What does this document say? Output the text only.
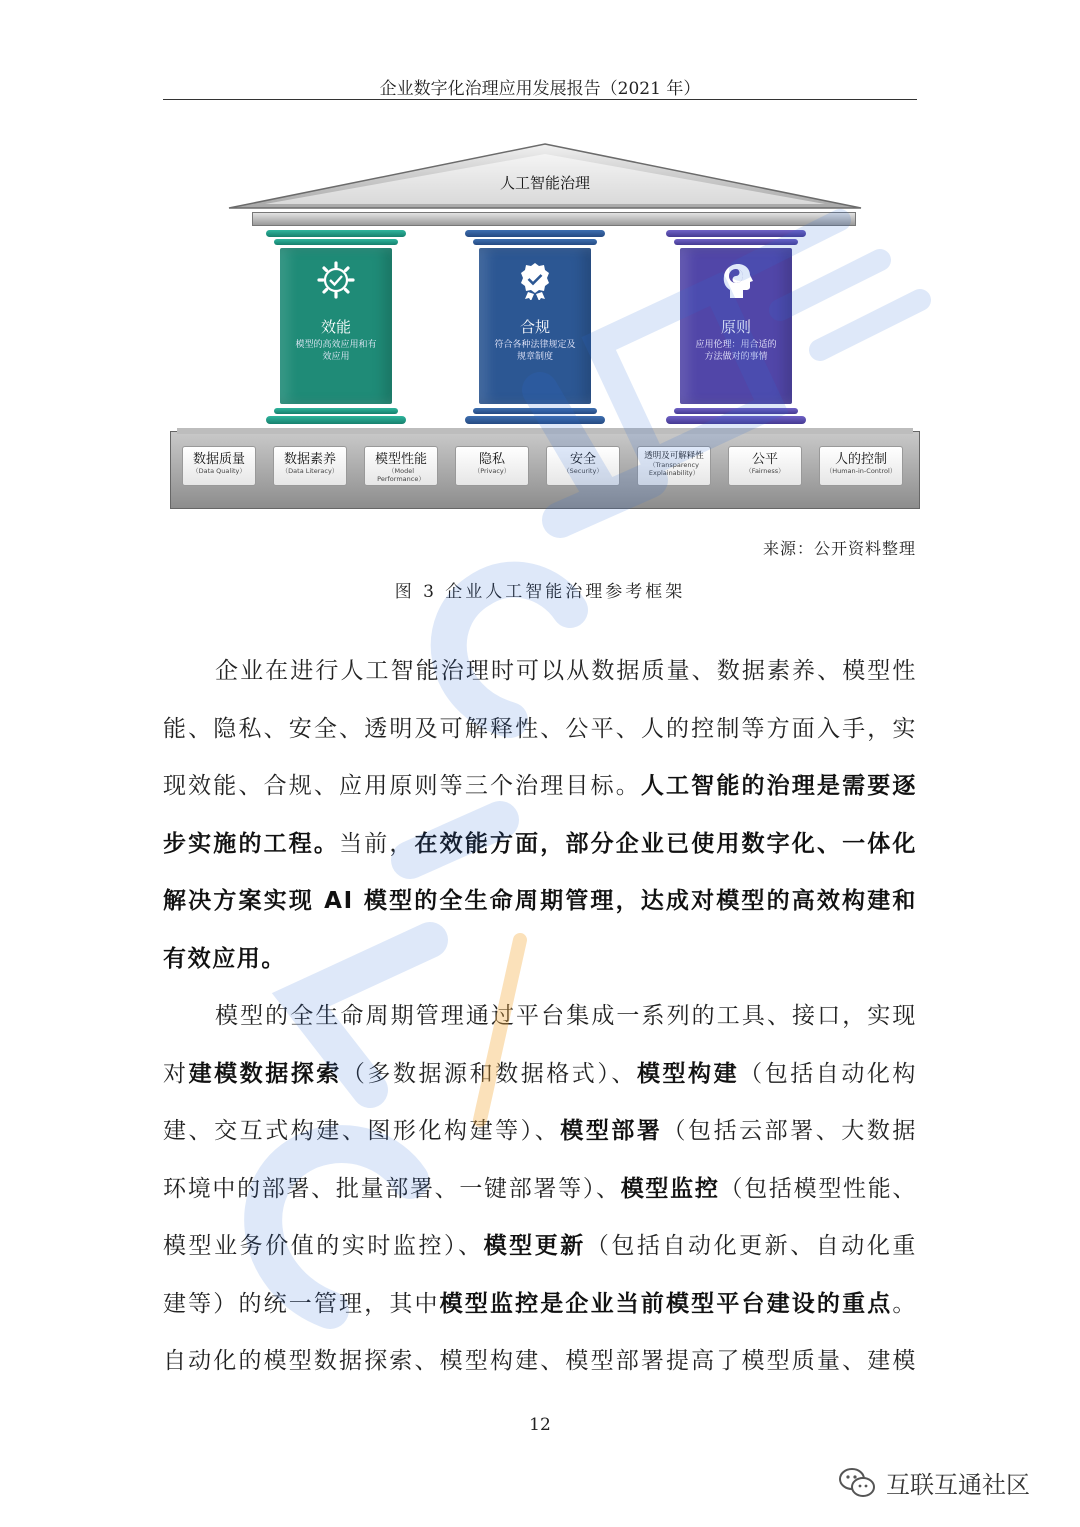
企业数字化治理应用发展报告（2021 年）
人工智能治理
效能
模型的高效应用和有效应用
合规
符合各种法律规定及规章制度
原则
应用伦理：用合适的方法做对的事情
数据质量
（Data Quality）
数据素养
（Data Literacy）
模型性能
（Model Performance）
隐私
（Privacy）
安全
（Security）
透明及可解释性
（Transparency Explainability）
公平
（Fairness）
人的控制
（Human-in-Control）
来源：公开资料整理
图 3 企业人工智能治理参考框架

企业在进行人工智能治理时可以从数据质量、数据素养、模型性

能、隐私、安全、透明及可解释性、公平、人的控制等方面入手，实

现效能、合规、应用原则等三个治理目标。人工智能的治理是需要逐

步实施的工程。当前，在效能方面，部分企业已使用数字化、一体化

解决方案实现 AI 模型的全生命周期管理，达成对模型的高效构建和

有效应用。

模型的全生命周期管理通过平台集成一系列的工具、接口，实现

对建模数据探索（多数据源和数据格式）、模型构建（包括自动化构

建、交互式构建、图形化构建等）、模型部署（包括云部署、大数据

环境中的部署、批量部署、一键部署等）、模型监控（包括模型性能、

模型业务价值的实时监控）、模型更新（包括自动化更新、自动化重

建等）的统一管理，其中模型监控是企业当前模型平台建设的重点。

自动化的模型数据探索、模型构建、模型部署提高了模型质量、建模

12
互联互通社区
